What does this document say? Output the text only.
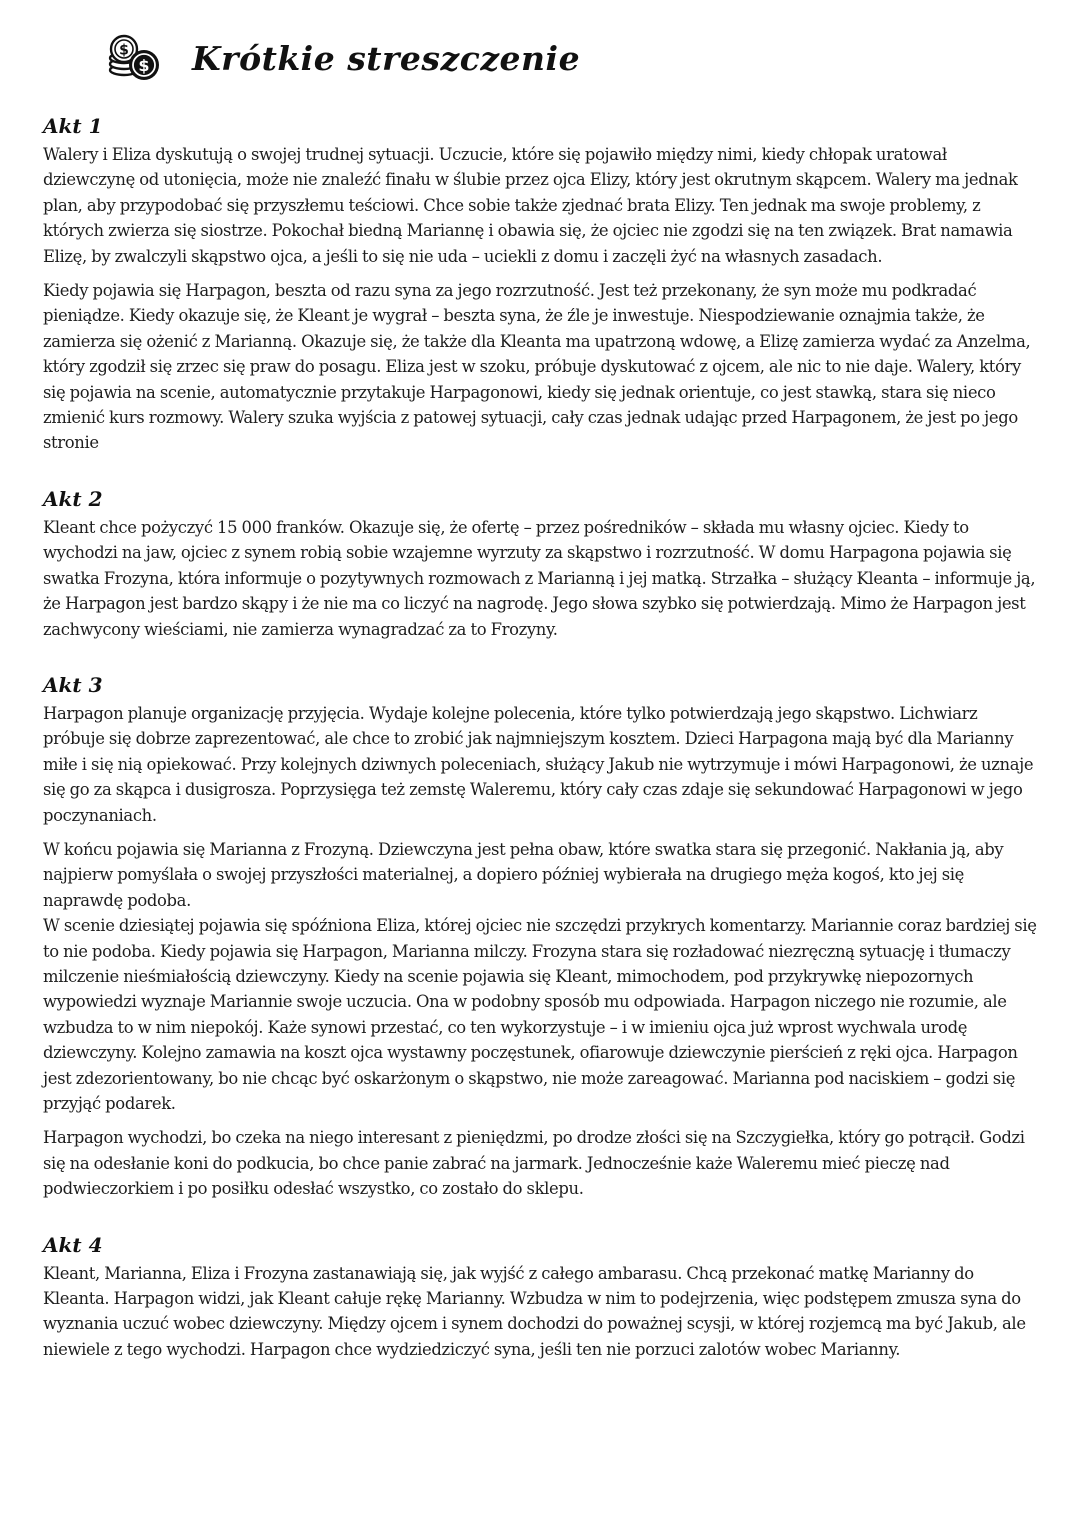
$
$ Krótkie streszczenie
Akt 1

Walery i Eliza dyskutują o swojej trudnej sytuacji. Uczucie, które się pojawiło między nimi, kiedy chłopak uratował dziewczynę od utonięcia, może nie znaleźć finału w ślubie przez ojca Elizy, który jest okrutnym skąpcem. Walery ma jednak plan, aby przypodobać się przyszłemu teściowi. Chce sobie także zjednać brata Elizy. Ten jednak ma swoje problemy, z których zwierza się siostrze. Pokochał biedną Mariannę i obawia się, że ojciec nie zgodzi się na ten związek. Brat namawia Elizę, by zwalczyli skąpstwo ojca, a jeśli to się nie uda – uciekli z domu i zaczęli żyć na własnych zasadach.

Kiedy pojawia się Harpagon, beszta od razu syna za jego rozrzutność. Jest też przekonany, że syn może mu podkradać pieniądze. Kiedy okazuje się, że Kleant je wygrał – beszta syna, że źle je inwestuje. Niespodziewanie oznajmia także, że zamierza się ożenić z Marianną. Okazuje się, że także dla Kleanta ma upatrzoną wdowę, a Elizę zamierza wydać za Anzelma, który zgodził się zrzec się praw do posagu. Eliza jest w szoku, próbuje dyskutować z ojcem, ale nic to nie daje. Walery, który się pojawia na scenie, automatycznie przytakuje Harpagonowi, kiedy się jednak orientuje, co jest stawką, stara się nieco zmienić kurs rozmowy. Walery szuka wyjścia z patowej sytuacji, cały czas jednak udając przed Harpagonem, że jest po jego stronie

Akt 2

Kleant chce pożyczyć 15 000 franków. Okazuje się, że ofertę – przez pośredników – składa mu własny ojciec. Kiedy to wychodzi na jaw, ojciec z synem robią sobie wzajemne wyrzuty za skąpstwo i rozrzutność. W domu Harpagona pojawia się swatka Frozyna, która informuje o pozytywnych rozmowach z Marianną i jej matką. Strzałka – służący Kleanta – informuje ją, że Harpagon jest bardzo skąpy i że nie ma co liczyć na nagrodę. Jego słowa szybko się potwierdzają. Mimo że Harpagon jest zachwycony wieściami, nie zamierza wynagradzać za to Frozyny.

Akt 3

Harpagon planuje organizację przyjęcia. Wydaje kolejne polecenia, które tylko potwierdzają jego skąpstwo. Lichwiarz próbuje się dobrze zaprezentować, ale chce to zrobić jak najmniejszym kosztem. Dzieci Harpagona mają być dla Marianny miłe i się nią opiekować. Przy kolejnych dziwnych poleceniach, służący Jakub nie wytrzymuje i mówi Harpagonowi, że uznaje się go za skąpca i dusigrosza. Poprzysięga też zemstę Waleremu, który cały czas zdaje się sekundować Harpagonowi w jego poczynaniach.

W końcu pojawia się Marianna z Frozyną. Dziewczyna jest pełna obaw, które swatka stara się przegonić. Nakłania ją, aby najpierw pomyślała o swojej przyszłości materialnej, a dopiero później wybierała na drugiego męża kogoś, kto jej się naprawdę podoba.

W scenie dziesiątej pojawia się spóźniona Eliza, której ojciec nie szczędzi przykrych komentarzy. Mariannie coraz bardziej się to nie podoba. Kiedy pojawia się Harpagon, Marianna milczy. Frozyna stara się rozładować niezręczną sytuację i tłumaczy milczenie nieśmiałością dziewczyny. Kiedy na scenie pojawia się Kleant, mimochodem, pod przykrywkę niepozornych wypowiedzi wyznaje Mariannie swoje uczucia. Ona w podobny sposób mu odpowiada. Harpagon niczego nie rozumie, ale wzbudza to w nim niepokój. Każe synowi przestać, co ten wykorzystuje – i w imieniu ojca już wprost wychwala urodę dziewczyny. Kolejno zamawia na koszt ojca wystawny poczęstunek, ofiarowuje dziewczynie pierścień z ręki ojca. Harpagon jest zdezorientowany, bo nie chcąc być oskarżonym o skąpstwo, nie może zareagować. Marianna pod naciskiem – godzi się przyjąć podarek.

Harpagon wychodzi, bo czeka na niego interesant z pieniędzmi, po drodze złości się na Szczygiełka, który go potrącił. Godzi się na odesłanie koni do podkucia, bo chce panie zabrać na jarmark. Jednocześnie każe Waleremu mieć pieczę nad podwieczorkiem i po posiłku odesłać wszystko, co zostało do sklepu.

Akt 4

Kleant, Marianna, Eliza i Frozyna zastanawiają się, jak wyjść z całego ambarasu. Chcą przekonać matkę Marianny do Kleanta. Harpagon widzi, jak Kleant całuje rękę Marianny. Wzbudza w nim to podejrzenia, więc podstępem zmusza syna do wyznania uczuć wobec dziewczyny. Między ojcem i synem dochodzi do poważnej scysji, w której rozjemcą ma być Jakub, ale niewiele z tego wychodzi. Harpagon chce wydziedziczyć syna, jeśli ten nie porzuci zalotów wobec Marianny.
